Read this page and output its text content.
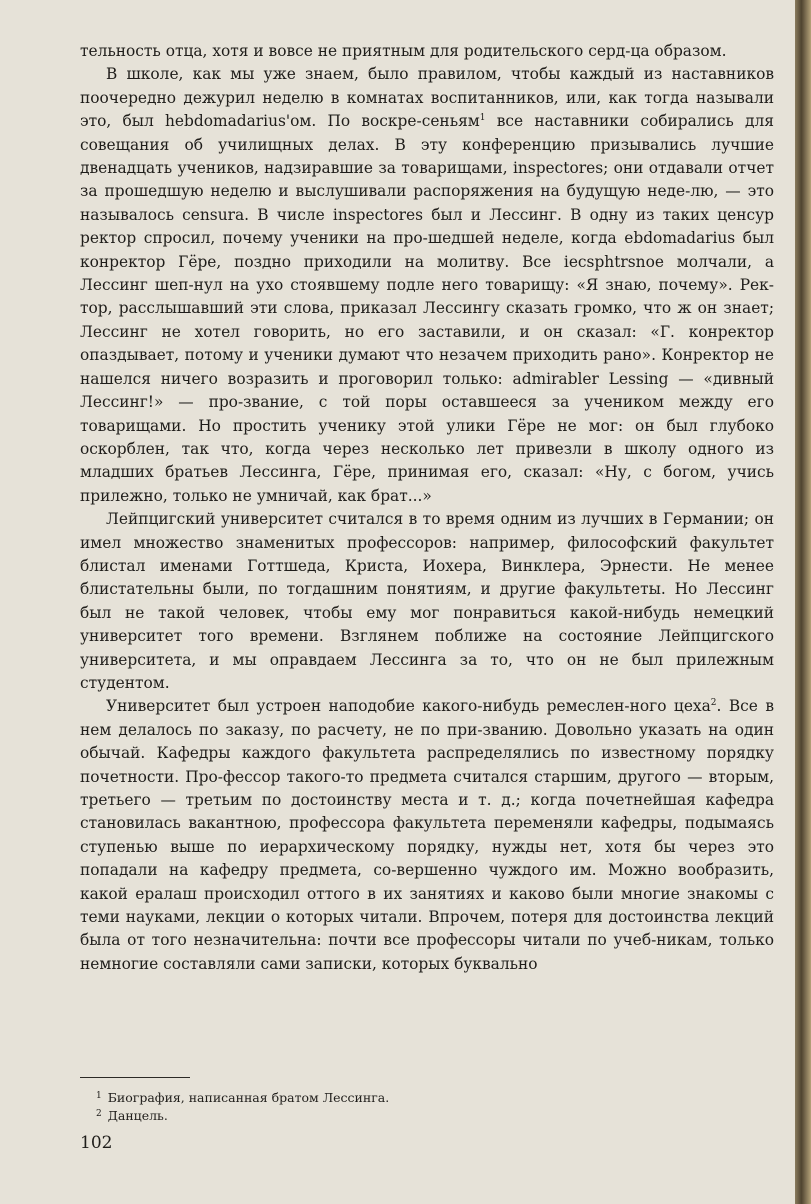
тельность отца, хотя и вовсе не приятным для родительского серд-ца образом.

В школе, как мы уже знаем, было правилом, чтобы каждый из наставников поочередно дежурил неделю в комнатах воспитанников, или, как тогда называли это, был hebdomadarius'ом. По воскре-сеньям$^1$ все наставники собирались для совещания об училищных делах. В эту конференцию призывались лучшие двенадцать учеников, надзиравшие за товарищами, inspectores; они отдавали отчет за прошедшую неделю и выслушивали распоряжения на будущую неде-лю, — это называлось censura. В числе inspectores был и Лессинг. В одну из таких ценсур ректор спросил, почему ученики на про-шедшей неделе, когда ebdomadarius был конректор Гёре, поздно приходили на молитву. Все iecsphtrsnoe молчали, а Лессинг шеп-нул на ухо стоявшему подле него товарищу: «Я знаю, почему». Рек-тор, расслышавший эти слова, приказал Лессингу сказать громко, что ж он знает; Лессинг не хотел говорить, но его заставили, и он сказал: «Г. конректор опаздывает, потому и ученики думают что незачем приходить рано». Конректор не нашелся ничего возразить и проговорил только: admirabler Lessing — «дивный Лессинг!» — про-звание, с той поры оставшееся за учеником между его товарищами. Но простить ученику этой улики Гёре не мог: он был глубоко оскорблен, так что, когда через несколько лет привезли в школу одного из младших братьев Лессинга, Гёре, принимая его, сказал: «Ну, с богом, учись прилежно, только не умничай, как брат...»

Лейпцигский университет считался в то время одним из лучших в Германии; он имел множество знаменитых профессоров: например, философский факультет блистал именами Готтшеда, Криста, Иохера, Винклера, Эрнести. Не менее блистательны были, по тогдашним понятиям, и другие факультеты. Но Лессинг был не такой человек, чтобы ему мог понравиться какой-нибудь немецкий университет того времени. Взглянем поближе на состояние Лейпцигского университета, и мы оправдаем Лессинга за то, что он не был прилежным студентом.

Университет был устроен наподобие какого-нибудь ремеслен-ного цеха$^2$. Все в нем делалось по заказу, по расчету, не по при-званию. Довольно указать на один обычай. Кафедры каждого факультета распределялись по известному порядку почетности. Про-фессор такого-то предмета считался старшим, другого — вторым, третьего — третьим по достоинству места и т. д.; когда почетнейшая кафедра становилась вакантною, профессора факультета переменяли кафедры, подымаясь ступенью выше по иерархическому порядку, нужды нет, хотя бы через это попадали на кафедру предмета, со-вершенно чуждого им. Можно вообразить, какой ералаш происходил оттого в их занятиях и каково были многие знакомы с теми науками, лекции о которых читали. Впрочем, потеря для достоинства лекций была от того незначительна: почти все профессоры читали по учеб-никам, только немногие составляли сами записки, которых буквально

$^1$ Биография, написанная братом Лессинга.
$^2$ Данцель.
102
